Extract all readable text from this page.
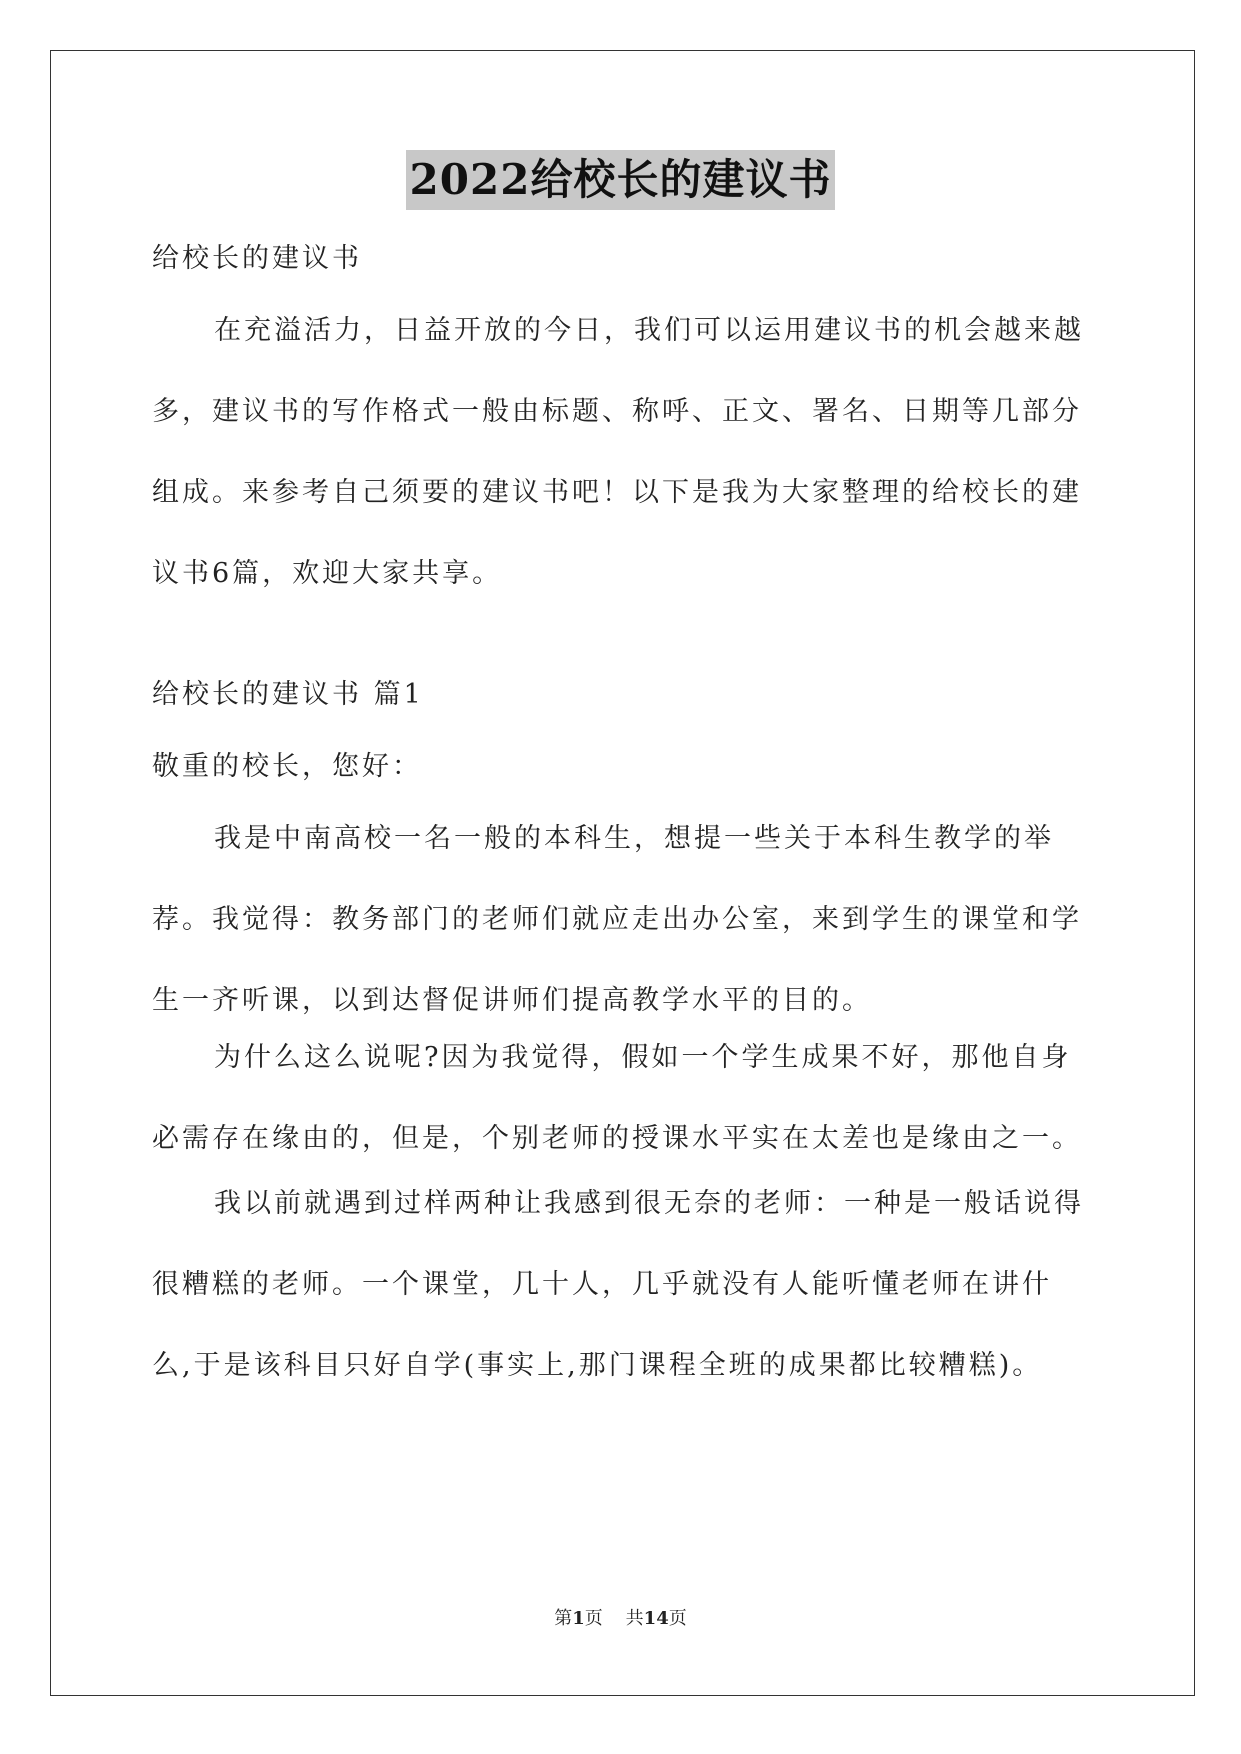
2022给校长的建议书

给校长的建议书

在充溢活力，日益开放的今日，我们可以运用建议书的机会越来越多，建议书的写作格式一般由标题、称呼、正文、署名、日期等几部分组成。来参考自己须要的建议书吧！以下是我为大家整理的给校长的建议书6篇，欢迎大家共享。

给校长的建议书 篇1

敬重的校长，您好：

我是中南高校一名一般的本科生，想提一些关于本科生教学的举荐。我觉得：教务部门的老师们就应走出办公室，来到学生的课堂和学生一齐听课，以到达督促讲师们提高教学水平的目的。

为什么这么说呢?因为我觉得，假如一个学生成果不好，那他自身必需存在缘由的，但是，个别老师的授课水平实在太差也是缘由之一。

我以前就遇到过样两种让我感到很无奈的老师：一种是一般话说得很糟糕的老师。一个课堂，几十人，几乎就没有人能听懂老师在讲什么,于是该科目只好自学(事实上,那门课程全班的成果都比较糟糕)。

第1页 共14页
